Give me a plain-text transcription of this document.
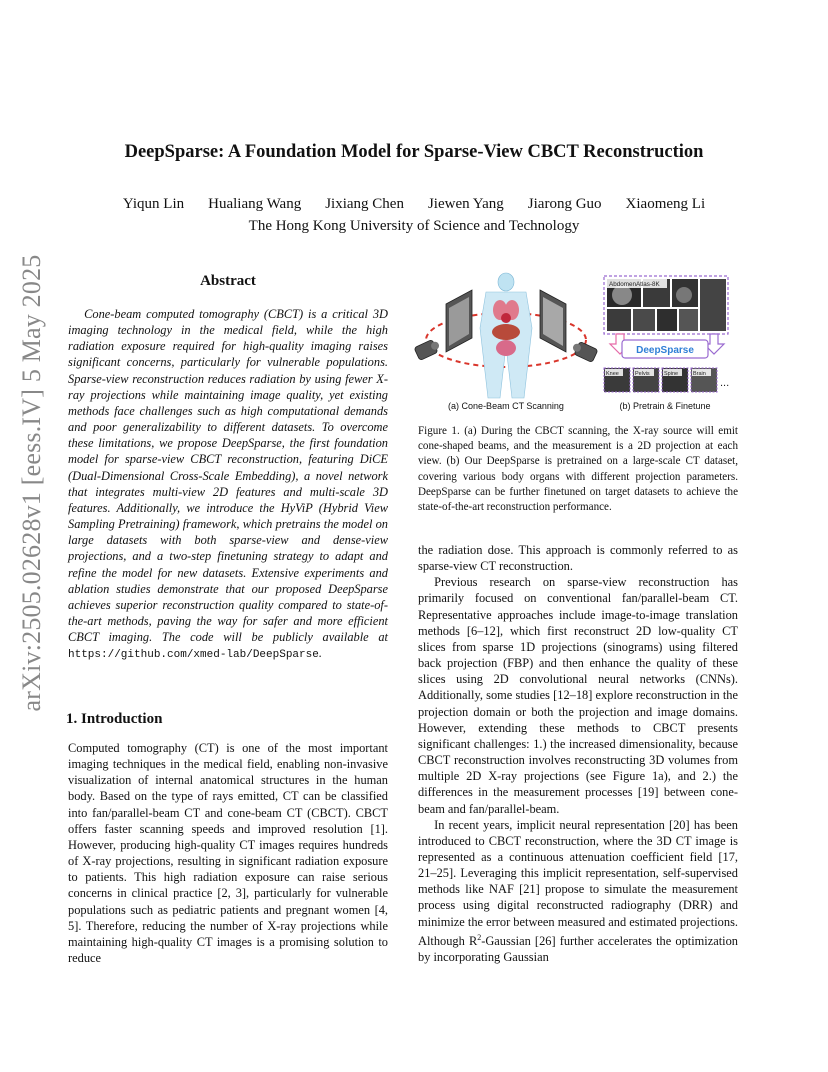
arXiv:2505.02628v1 [eess.IV] 5 May 2025
DeepSparse: A Foundation Model for Sparse-View CBCT Reconstruction
Yiqun Lin Hualiang Wang Jixiang Chen Jiewen Yang Jiarong Guo Xiaomeng Li
The Hong Kong University of Science and Technology
Abstract

Cone-beam computed tomography (CBCT) is a critical 3D imaging technology in the medical field, while the high radiation exposure required for high-quality imaging raises significant concerns, particularly for vulnerable populations. Sparse-view reconstruction reduces radiation by using fewer X-ray projections while maintaining image quality, yet existing methods face challenges such as high computational demands and poor generalizability to different datasets. To overcome these limitations, we propose DeepSparse, the first foundation model for sparse-view CBCT reconstruction, featuring DiCE (Dual-Dimensional Cross-Scale Embedding), a novel network that integrates multi-view 2D features and multi-scale 3D features. Additionally, we introduce the HyViP (Hybrid View Sampling Pretraining) framework, which pretrains the model on large datasets with both sparse-view and dense-view projections, and a two-step finetuning strategy to adapt and refine the model for new datasets. Extensive experiments and ablation studies demonstrate that our proposed DeepSparse achieves superior reconstruction quality compared to state-of-the-art methods, paving the way for safer and more efficient CBCT imaging. The code will be publicly available at https://github.com/xmed-lab/DeepSparse.

1. Introduction

Computed tomography (CT) is one of the most important imaging techniques in the medical field, enabling non-invasive visualization of internal anatomical structures in the human body. Based on the type of rays emitted, CT can be classified into fan/parallel-beam CT and cone-beam CT (CBCT). CBCT offers faster scanning speeds and improved resolution [1]. However, producing high-quality CT images requires hundreds of X-ray projections, resulting in significant radiation exposure to patients. This high radiation exposure can raise serious concerns in clinical practice [2, 3], particularly for vulnerable populations such as pediatric patients and pregnant women [4, 5]. Therefore, reducing the number of X-ray projections while maintaining high-quality CT images is a promising solution to reduce

(a) Cone-Beam CT Scanning
AbdomenAtlas-8K
DeepSparse
Knee	Pelvis	Spine	Brain
...
(b) Pretrain & Finetune
Figure 1. (a) During the CBCT scanning, the X-ray source will emit cone-shaped beams, and the measurement is a 2D projection at each view. (b) Our DeepSparse is pretrained on a large-scale CT dataset, covering various body organs with different projection parameters. DeepSparse can be further finetuned on target datasets to achieve the state-of-the-art reconstruction performance.

the radiation dose. This approach is commonly referred to as sparse-view CT reconstruction.

Previous research on sparse-view reconstruction has primarily focused on conventional fan/parallel-beam CT. Representative approaches include image-to-image translation methods [6–12], which first reconstruct 2D low-quality CT slices from sparse 1D projections (sinograms) using filtered back projection (FBP) and then enhance the quality of these slices using 2D convolutional neural networks (CNNs). Additionally, some studies [12–18] explore reconstruction in the projection domain or both the projection and image domains. However, extending these methods to CBCT presents significant challenges: 1.) the increased dimensionality, because CBCT reconstruction involves reconstructing 3D volumes from multiple 2D X-ray projections (see Figure 1a), and 2.) the differences in the measurement processes [19] between cone-beam and fan/parallel-beam.

In recent years, implicit neural representation [20] has been introduced to CBCT reconstruction, where the 3D CT image is represented as a continuous attenuation coefficient field [17, 21–25]. Leveraging this implicit representation, self-supervised methods like NAF [21] propose to simulate the measurement process using digital reconstructed radiography (DRR) and minimize the error between measured and estimated projections. Although $R^2$-Gaussian [26] further accelerates the optimization by incorporating Gaussian
